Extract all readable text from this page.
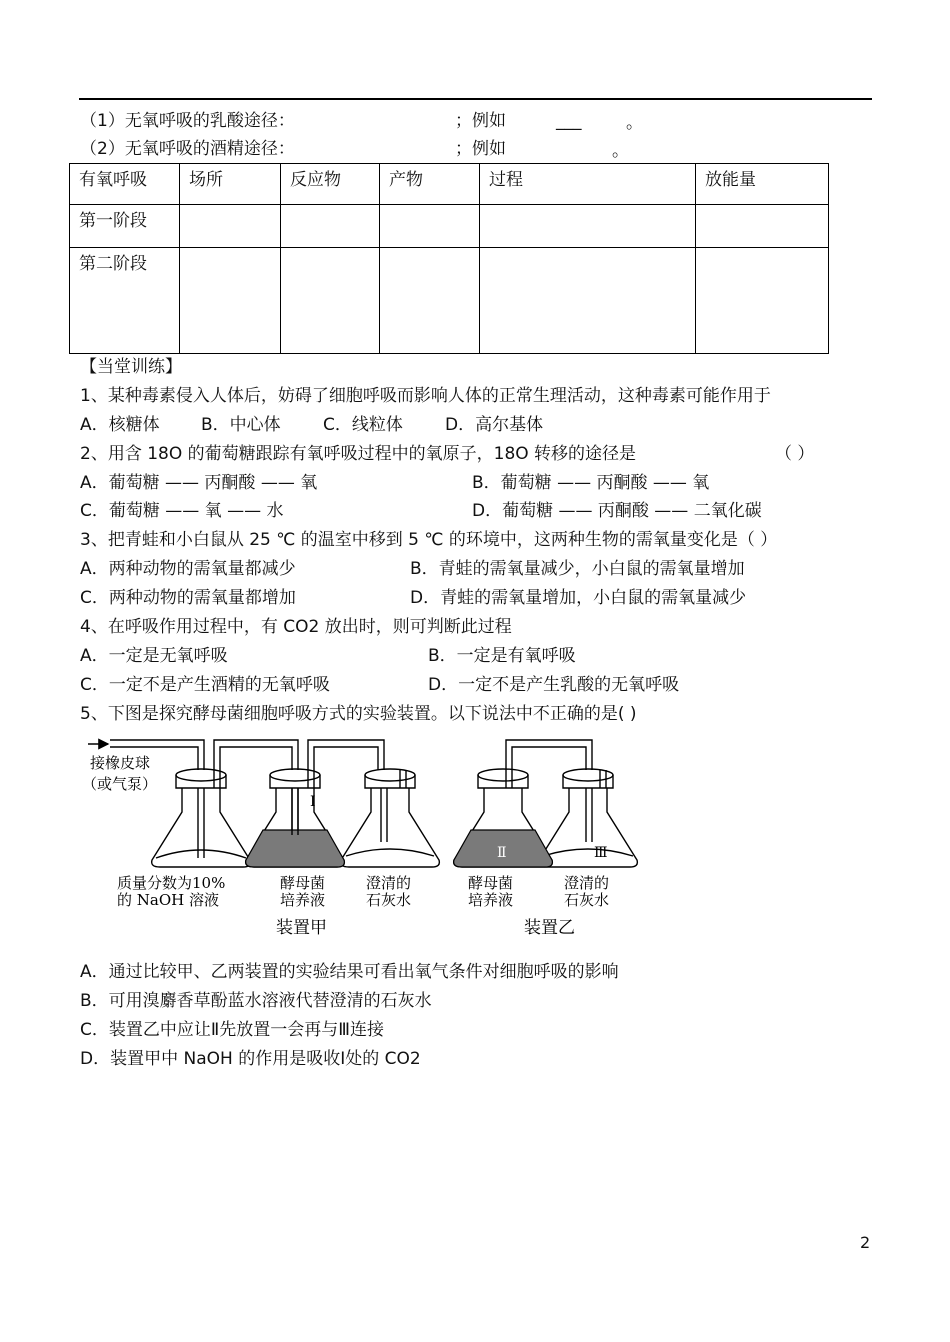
（1）无氧呼吸的乳酸途径：	；例如	___	。
（2）无氧呼吸的酒精途径：	；例如	。
有氧呼吸	场所	反应物	产物	过程	放能量
第一阶段					
第二阶段					
【当堂训练】
1、某种毒素侵入人体后，妨碍了细胞呼吸而影响人体的正常生理活动，这种毒素可能作用于
A．核糖体 B．中心体 C．线粒体 D．高尔基体
2、用含 18O 的葡萄糖跟踪有氧呼吸过程中的氧原子，18O 转移的途径是	（ ）
A．葡萄糖 —— 丙酮酸 —— 氧	B．葡萄糖 —— 丙酮酸 —— 氧
C．葡萄糖 —— 氧 —— 水	D．葡萄糖 —— 丙酮酸 —— 二氧化碳
3、把青蛙和小白鼠从 25 ℃ 的温室中移到 5 ℃ 的环境中，这两种生物的需氧量变化是（ ）
A．两种动物的需氧量都减少	B．青蛙的需氧量减少，小白鼠的需氧量增加
C．两种动物的需氧量都增加	D．青蛙的需氧量增加，小白鼠的需氧量减少
4、在呼吸作用过程中，有 CO2 放出时，则可判断此过程
A．一定是无氧呼吸	B．一定是有氧呼吸
C．一定不是产生酒精的无氧呼吸	D．一定不是产生乳酸的无氧呼吸
5、下图是探究酵母菌细胞呼吸方式的实验装置。以下说法中不正确的是( )
Ⅰ
Ⅱ	Ⅲ
接橡皮球
（或气泵）
质量分数为10%
的 NaOH 溶液
酵母菌
培养液
澄清的
石灰水
酵母菌
培养液
澄清的
石灰水
装置甲	装置乙
A．通过比较甲、乙两装置的实验结果可看出氧气条件对细胞呼吸的影响
B．可用溴麝香草酚蓝水溶液代替澄清的石灰水
C．装置乙中应让Ⅱ先放置一会再与Ⅲ连接
D．装置甲中 NaOH 的作用是吸收Ⅰ处的 CO2
2
